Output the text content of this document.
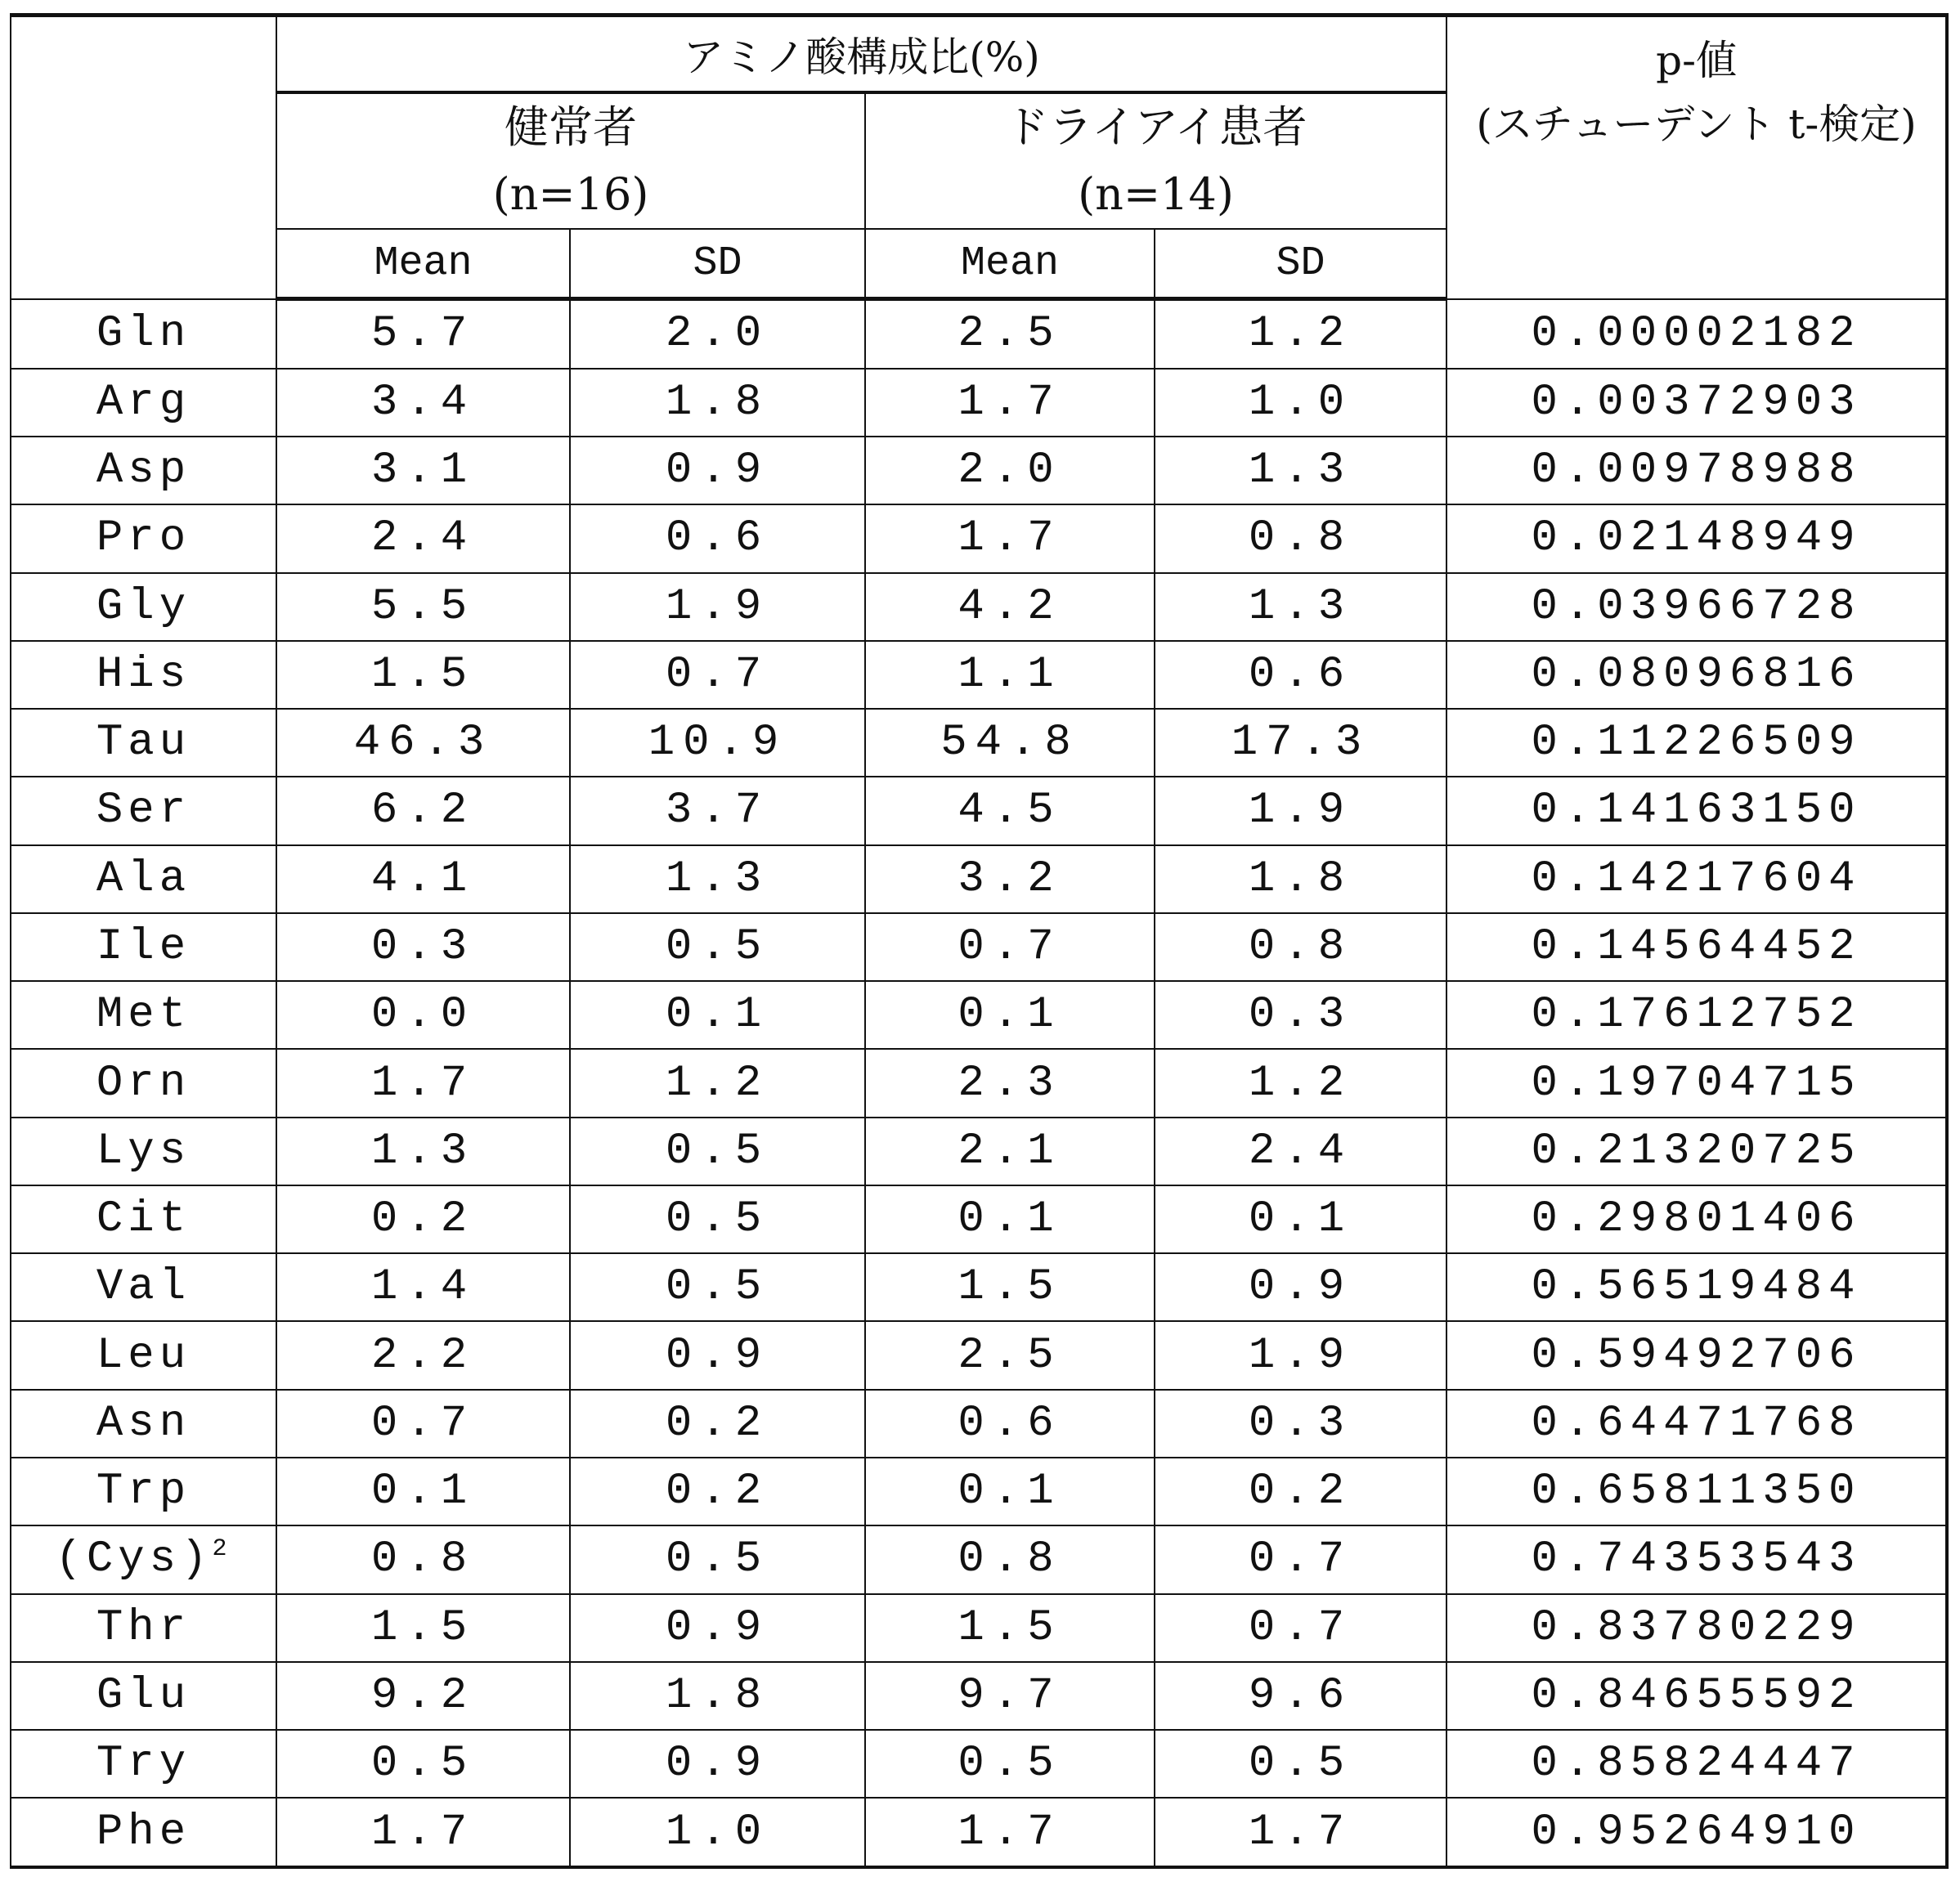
	アミノ酸構成比(%)	p-値
(スチューデント t-検定)

健常者
(n=16)

ドライアイ患者
(n=14)

Mean	SD	Mean	SD
Gln	5.7	2.0	2.5	1.2	0.00002182
Arg	3.4	1.8	1.7	1.0	0.00372903
Asp	3.1	0.9	2.0	1.3	0.00978988
Pro	2.4	0.6	1.7	0.8	0.02148949
Gly	5.5	1.9	4.2	1.3	0.03966728
His	1.5	0.7	1.1	0.6	0.08096816
Tau	46.3	10.9	54.8	17.3	0.11226509
Ser	6.2	3.7	4.5	1.9	0.14163150
Ala	4.1	1.3	3.2	1.8	0.14217604
Ile	0.3	0.5	0.7	0.8	0.14564452
Met	0.0	0.1	0.1	0.3	0.17612752
Orn	1.7	1.2	2.3	1.2	0.19704715
Lys	1.3	0.5	2.1	2.4	0.21320725
Cit	0.2	0.5	0.1	0.1	0.29801406
Val	1.4	0.5	1.5	0.9	0.56519484
Leu	2.2	0.9	2.5	1.9	0.59492706
Asn	0.7	0.2	0.6	0.3	0.64471768
Trp	0.1	0.2	0.1	0.2	0.65811350
(Cys)2	0.8	0.5	0.8	0.7	0.74353543
Thr	1.5	0.9	1.5	0.7	0.83780229
Glu	9.2	1.8	9.7	9.6	0.84655592
Try	0.5	0.9	0.5	0.5	0.85824447
Phe	1.7	1.0	1.7	1.7	0.95264910
